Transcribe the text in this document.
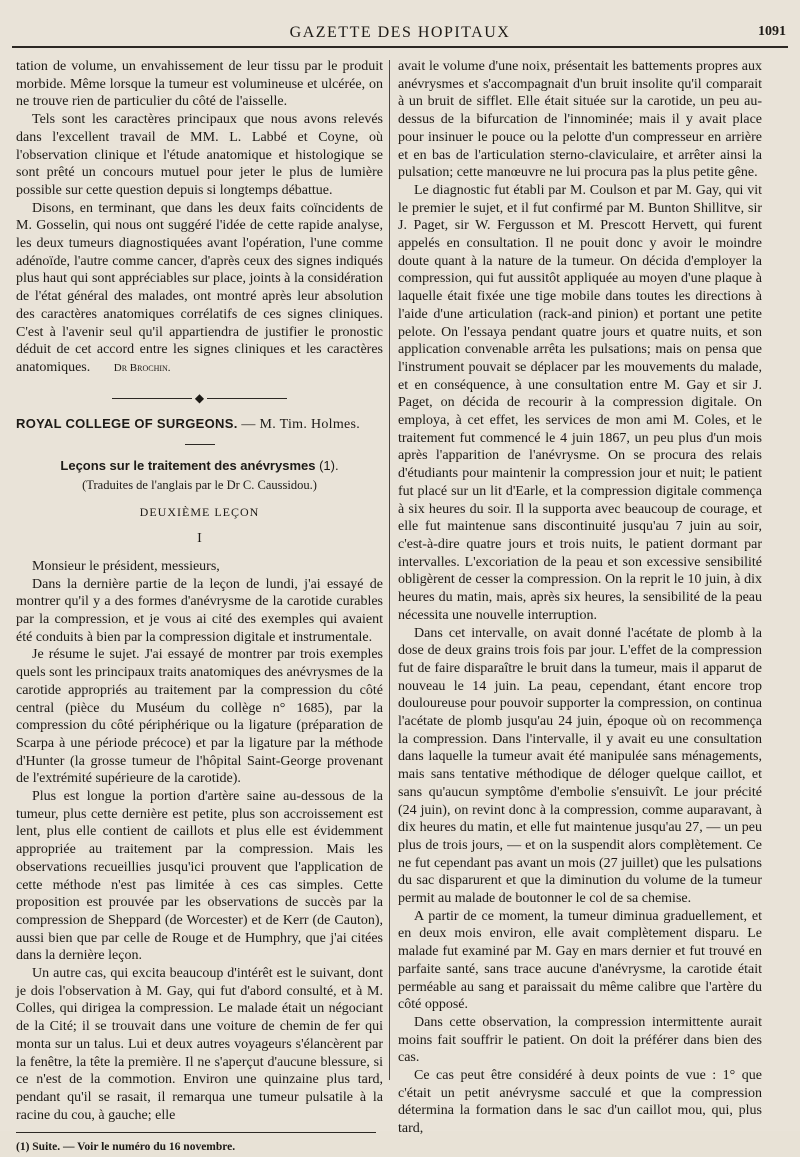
GAZETTE DES HOPITAUX	1091

tation de volume, un envahissement de leur tissu par le produit morbide. Même lorsque la tumeur est volumineuse et ulcérée, on ne trouve rien de particulier du côté de l'aisselle.

Tels sont les caractères principaux que nous avons relevés dans l'excellent travail de MM. L. Labbé et Coyne, où l'observation clinique et l'étude anatomique et histologique se sont prêté un concours mutuel pour jeter le plus de lumière possible sur cette question depuis si longtemps débattue.

Disons, en terminant, que dans les deux faits coïncidents de M. Gosselin, qui nous ont suggéré l'idée de cette rapide analyse, les deux tumeurs diagnostiquées avant l'opération, l'une comme adénoïde, l'autre comme cancer, d'après ceux des signes indiqués plus haut qui sont appréciables sur place, joints à la considération de l'état général des malades, ont montré après leur absolution des caractères anatomiques corrélatifs de ces signes cliniques. C'est à l'avenir seul qu'il appartiendra de justifier le pronostic déduit de cet accord entre les signes cliniques et les caractères anatomiques. Dr Brochin.

◆

ROYAL COLLEGE OF SURGEONS. — M. Tim. Holmes.

Leçons sur le traitement des anévrysmes (1).

(Traduites de l'anglais par le Dr C. Caussidou.)

DEUXIÈME LEÇON

I

Monsieur le président, messieurs,

Dans la dernière partie de la leçon de lundi, j'ai essayé de montrer qu'il y a des formes d'anévrysme de la carotide curables par la compression, et je vous ai cité des exemples qui avaient été conduits à bien par la compression digitale et instrumentale.

Je résume le sujet. J'ai essayé de montrer par trois exemples quels sont les principaux traits anatomiques des anévrysmes de la carotide appropriés au traitement par la compression du côté central (pièce du Muséum du collège n° 1685), par la compression du côté périphérique ou la ligature (préparation de Scarpa à une période précoce) et par la ligature par la méthode d'Hunter (la grosse tumeur de l'hôpital Saint-George provenant de l'extrémité supérieure de la carotide).

Plus est longue la portion d'artère saine au-dessous de la tumeur, plus cette dernière est petite, plus son accroissement est lent, plus elle contient de caillots et plus elle est évidemment appropriée au traitement par la compression. Mais les observations recueillies jusqu'ici prouvent que l'application de cette méthode n'est pas limitée à ces cas simples. Cette proposition est prouvée par les observations de succès par la compression de Sheppard (de Worcester) et de Kerr (de Cauton), aussi bien que par celle de Rouge et de Humphry, que j'ai citées dans la dernière leçon.

Un autre cas, qui excita beaucoup d'intérêt est le suivant, dont je dois l'observation à M. Gay, qui fut d'abord consulté, et à M. Colles, qui dirigea la compression. Le malade était un négociant de la Cité; il se trouvait dans une voiture de chemin de fer qui monta sur un talus. Lui et deux autres voyageurs s'élancèrent par la fenêtre, la tête la première. Il ne s'aperçut d'aucune blessure, si ce n'est de la commotion. Environ une quinzaine plus tard, pendant qu'il se rasait, il remarqua une tumeur pulsatile à la racine du cou, à gauche; elle

(1) Suite. — Voir le numéro du 16 novembre.

avait le volume d'une noix, présentait les battements propres aux anévrysmes et s'accompagnait d'un bruit insolite qu'il comparait à un bruit de sifflet. Elle était située sur la carotide, un peu au-dessus de la bifurcation de l'innominée; mais il y avait place pour insinuer le pouce ou la pelotte d'un compresseur en arrière et en bas de l'articulation sterno-claviculaire, et arrêter ainsi la pulsation; cette manœuvre ne lui procura pas la plus petite gêne.

Le diagnostic fut établi par M. Coulson et par M. Gay, qui vit le premier le sujet, et il fut confirmé par M. Bunton Shillitve, sir J. Paget, sir W. Fergusson et M. Prescott Hervett, qui furent appelés en consultation. Il ne pouit donc y avoir le moindre doute quant à la nature de la tumeur. On décida d'employer la compression, qui fut aussitôt appliquée au moyen d'une plaque à laquelle était fixée une tige mobile dans toutes les directions à l'aide d'une articulation (rack-and pinion) et portant une petite pelote. On l'essaya pendant quatre jours et quatre nuits, et son application convenable arrêta les pulsations; mais on pensa que l'instrument pouvait se déplacer par les mouvements du malade, et en conséquence, à une consultation entre M. Gay et sir J. Paget, on décida de recourir à la compression digitale. On employa, à cet effet, les services de mon ami M. Coles, et le traitement fut commencé le 4 juin 1867, un peu plus d'un mois après l'apparition de l'anévrysme. On se procura des relais d'étudiants pour maintenir la compression jour et nuit; le patient fut placé sur un lit d'Earle, et la compression digitale commença à six heures du soir. Il la supporta avec beaucoup de courage, et elle fut maintenue sans discontinuité jusqu'au 7 juin au soir, c'est-à-dire quatre jours et trois nuits, le patient dormant par intervalles. L'excoriation de la peau et son excessive sensibilité obligèrent de cesser la compression. On la reprit le 10 juin, à dix heures du matin, mais, après six heures, la sensibilité de la peau nécessita une nouvelle interruption.

Dans cet intervalle, on avait donné l'acétate de plomb à la dose de deux grains trois fois par jour. L'effet de la compression fut de faire disparaître le bruit dans la tumeur, mais il apparut de nouveau le 14 juin. La peau, cependant, étant encore trop douloureuse pour pouvoir supporter la compression, on continua l'acétate de plomb jusqu'au 24 juin, époque où on recommença la compression. Dans l'intervalle, il y avait eu une consultation dans laquelle la tumeur avait été manipulée sans ménagements, mais sans tentative méthodique de déloger quelque caillot, et sans qu'aucun symptôme d'embolie s'ensuivît. Le jour précité (24 juin), on revint donc à la compression, comme auparavant, à dix heures du matin, et elle fut maintenue jusqu'au 27, — un peu plus de trois jours, — et on la suspendit alors complètement. Ce ne fut cependant pas avant un mois (27 juillet) que les pulsations du sac disparurent et que la diminution du volume de la tumeur permit au malade de boutonner le col de sa chemise.

A partir de ce moment, la tumeur diminua graduellement, et en deux mois environ, elle avait complètement disparu. Le malade fut examiné par M. Gay en mars dernier et fut trouvé en parfaite santé, sans trace aucune d'anévrysme, la carotide était perméable au sang et paraissait du même calibre que l'artère du côté opposé.

Dans cette observation, la compression intermittente aurait moins fait souffrir le patient. On doit la préférer dans bien des cas.

Ce cas peut être considéré à deux points de vue : 1° que c'était un petit anévrysme sacculé et que la compression détermina la formation dans le sac d'un caillot mou, qui, plus tard,
